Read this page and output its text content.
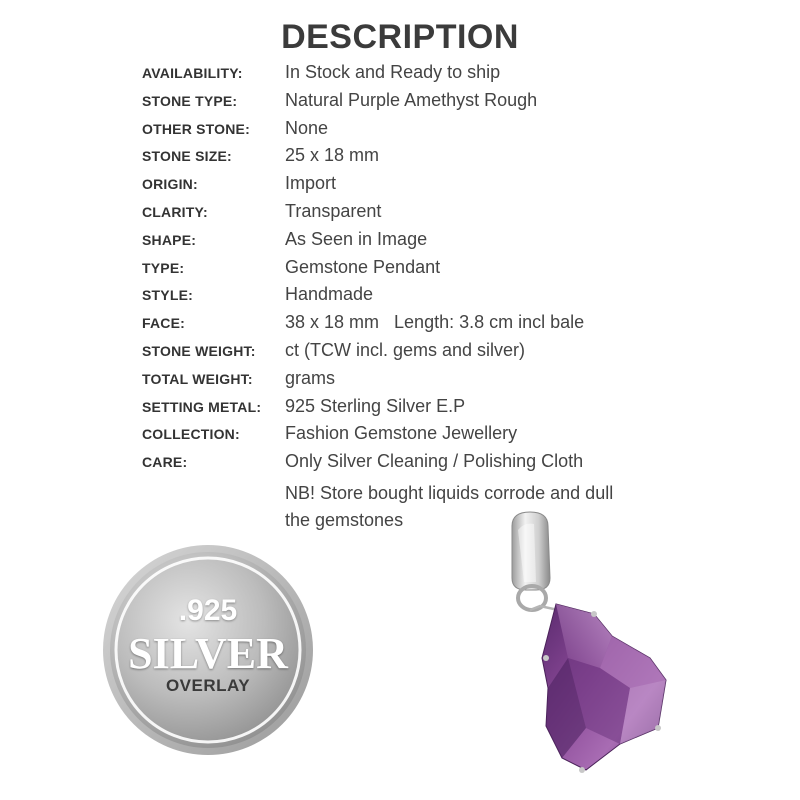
DESCRIPTION
AVAILABILITY:	In Stock and Ready to ship
STONE TYPE:	Natural Purple Amethyst Rough
OTHER STONE:	None
STONE SIZE:	25 x 18 mm
ORIGIN:	Import
CLARITY:	Transparent
SHAPE:	As Seen in Image
TYPE:	Gemstone Pendant
STYLE:	Handmade
FACE:	38 x 18 mm   Length: 3.8 cm incl bale
STONE WEIGHT:	ct (TCW incl. gems and silver)
TOTAL WEIGHT:	grams
SETTING METAL:	925 Sterling Silver E.P
COLLECTION:	Fashion Gemstone Jewellery
CARE:	Only Silver Cleaning / Polishing Cloth
NB! Store bought liquids corrode and dull
the gemstones
.925
SILVER
OVERLAY
